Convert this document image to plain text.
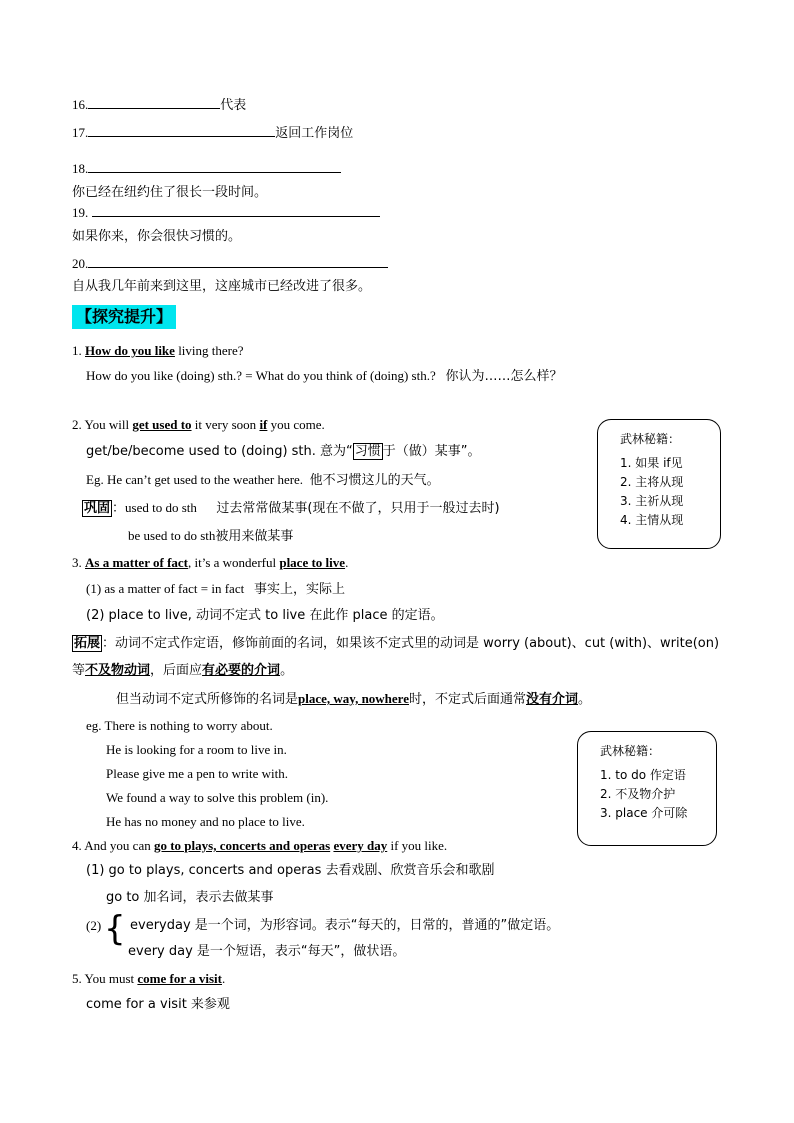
16.	代表
17.	返回工作岗位
18.
你已经在纽约住了很长一段时间。
19.
如果你来，你会很快习惯的。
20.
自从我几年前来到这里，这座城市已经改进了很多。
【探究提升】
1. How do you like living there?
How do you like (doing) sth.? = What do you think of (doing) sth.? 你认为……怎么样？
2. You will get used to it very soon if you come.
get/be/become used to (doing) sth. 意为“ 习惯 于（做）某事”。
Eg. He can’t get used to the weather here. 他不习惯这儿的天气。
巩固 ：used to do sth 过去常常做某事(现在不做了，只用于一般过去时)
be used to do sth被用来做某事
武林秘籍：
1. 如果 if见
2. 主将从现
3. 主祈从现
4. 主情从现
3. As a matter of fact, it’s a wonderful place to live.
(1) as a matter of fact = in fact 事实上，实际上
(2) place to live, 动词不定式 to live 在此作 place 的定语。
拓展 ：动词不定式作定语，修饰前面的名词，如果该不定式里的动词是 worry (about)、cut (with)、write(on)
等不及物动词，后面应有必要的介词。
但当动词不定式所修饰的名词是place, way, nowhere时，不定式后面通常没有介词。
eg. There is nothing to worry about.
He is looking for a room to live in.
Please give me a pen to write with.
We found a way to solve this problem (in).
He has no money and no place to live.
武林秘籍：
1. to do 作定语
2. 不及物介护
3. place 介可除
4. And you can go to plays, concerts and operas every day if you like.
(1) go to plays, concerts and operas 去看戏剧、欣赏音乐会和歌剧
go to 加名词，表示去做某事
(2) { everyday 是一个词，为形容词。表示“每天的，日常的，普通的”做定语。
every day 是一个短语，表示“每天”，做状语。
5. You must come for a visit.
come for a visit 来参观
